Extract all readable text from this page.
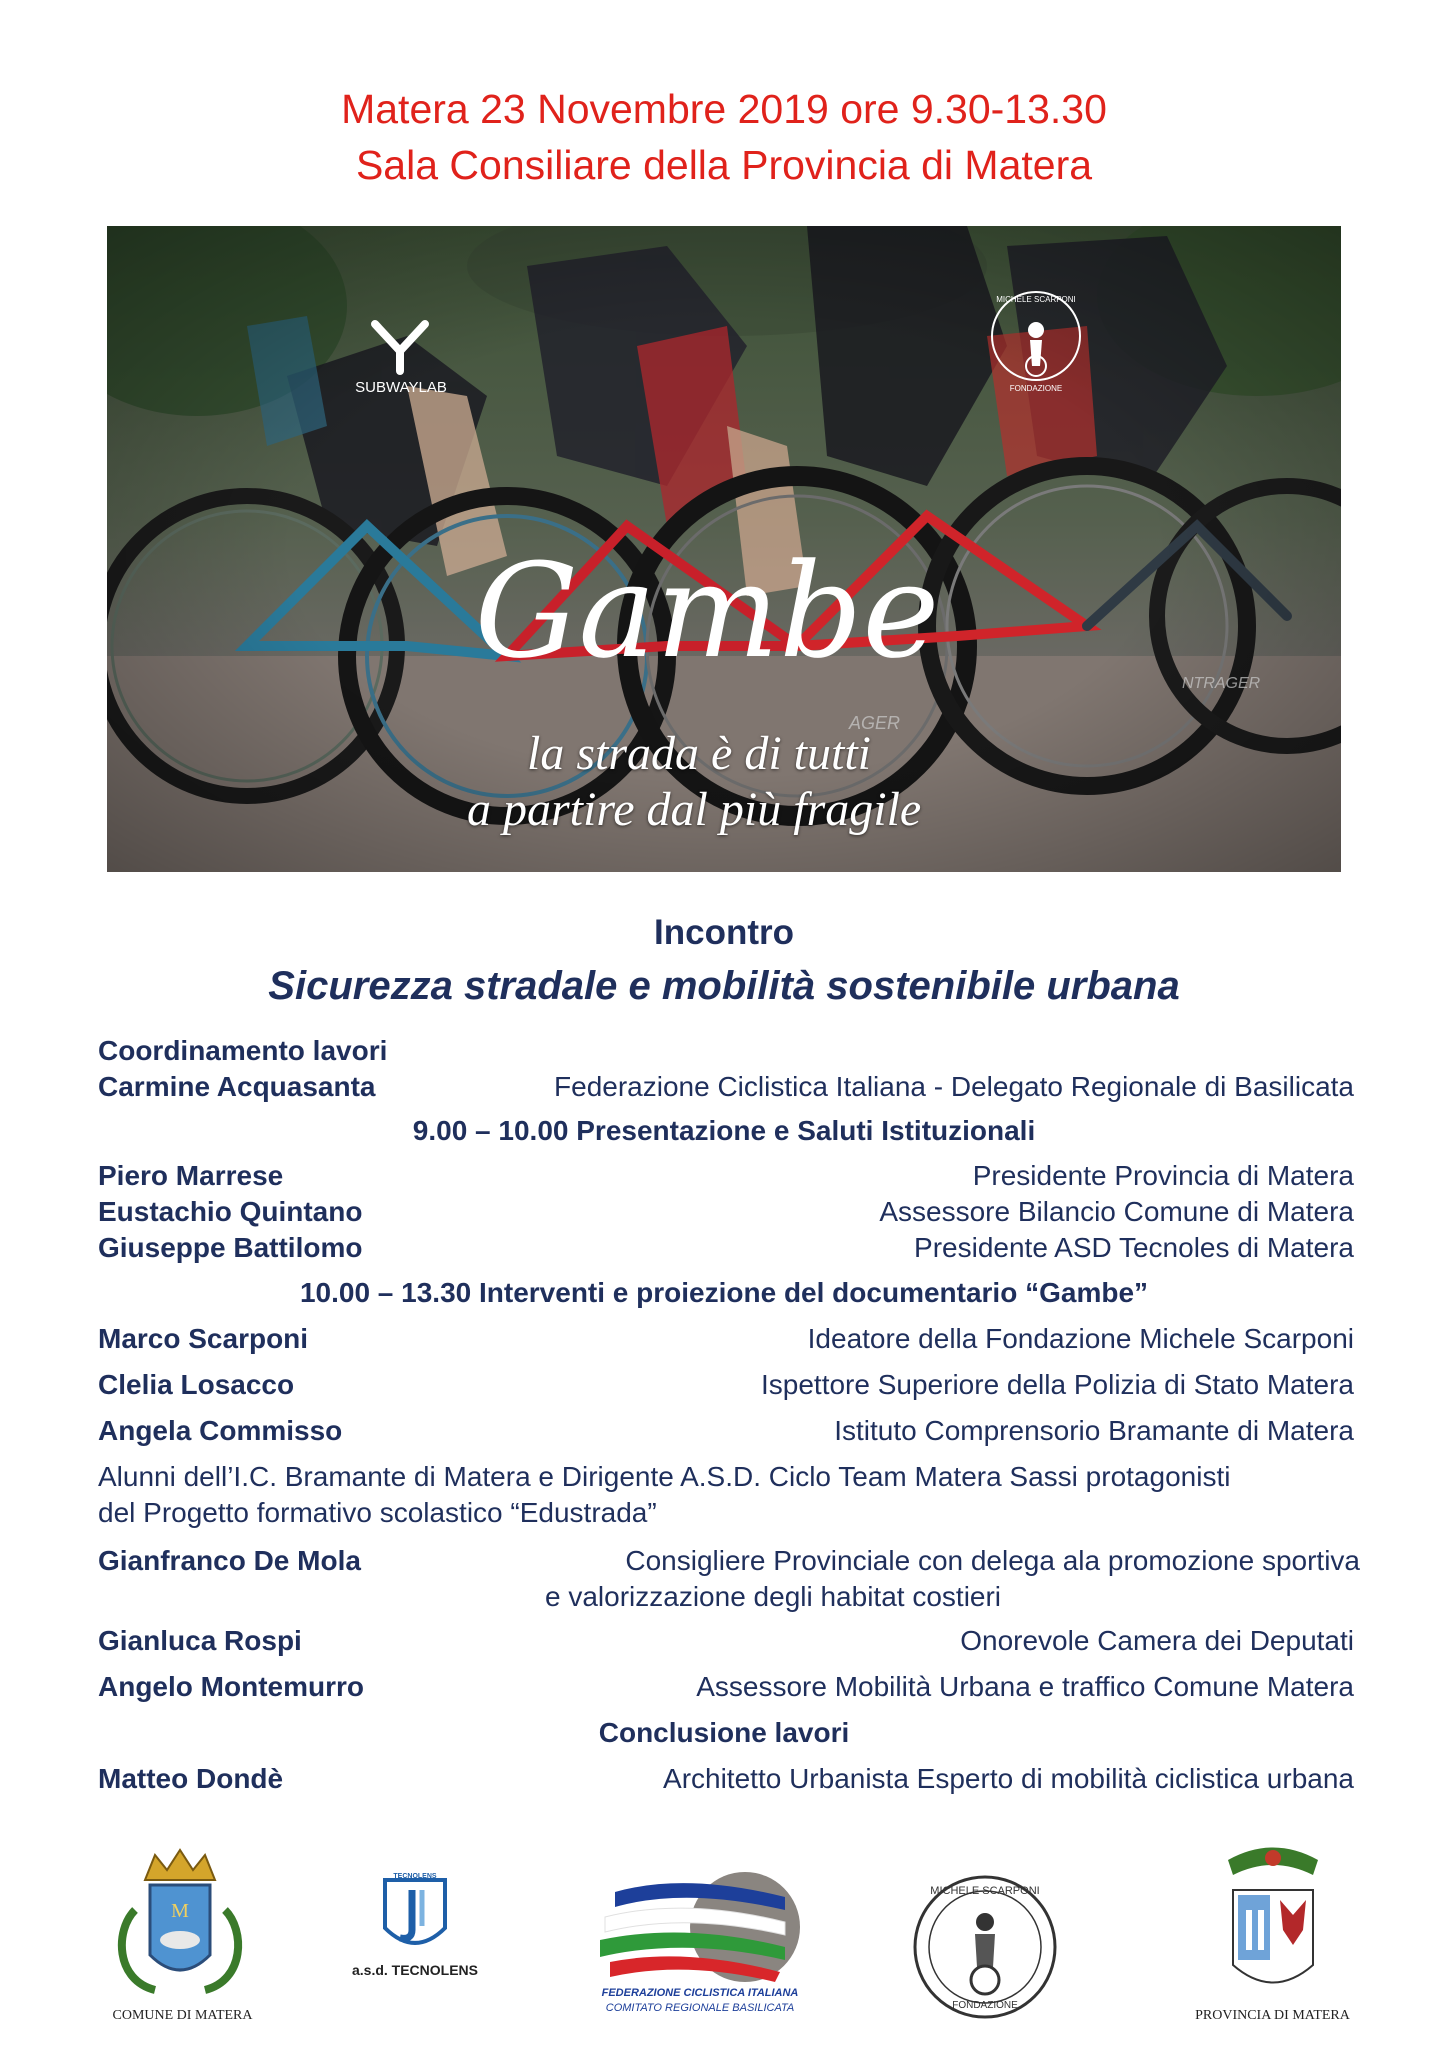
Matera 23 Novembre 2019 ore 9.30-13.30
Sala Consiliare della Provincia di Matera
SUBWAYLAB
MICHELE SCARPONI
FONDAZIONE
AGER
NTRAGER
Gambe
la strada è di tutti
a partire dal più fragile
Incontro
Sicurezza stradale e mobilità sostenibile urbana
Coordinamento lavori
Carmine Acquasanta	Federazione Ciclistica Italiana - Delegato Regionale di Basilicata
9.00 – 10.00 Presentazione e Saluti Istituzionali
Piero Marrese	Presidente Provincia di Matera
Eustachio Quintano	Assessore Bilancio Comune di Matera
Giuseppe Battilomo	Presidente ASD Tecnoles di Matera
10.00 – 13.30 Interventi e proiezione del documentario “Gambe”
Marco Scarponi	Ideatore della Fondazione Michele Scarponi
Clelia Losacco	Ispettore Superiore della Polizia di Stato Matera
Angela Commisso	Istituto Comprensorio Bramante di Matera
Alunni dell’I.C. Bramante di Matera e Dirigente A.S.D. Ciclo Team Matera Sassi protagonisti
del Progetto formativo scolastico “Edustrada”
Gianfranco De Mola	Consigliere Provinciale con delega ala promozione sportiva
e valorizzazione degli habitat costieri
Gianluca Rospi	Onorevole Camera dei Deputati
Angelo Montemurro	Assessore Mobilità Urbana e traffico Comune Matera
Conclusione lavori
Matteo Dondè	Architetto Urbanista Esperto di mobilità ciclistica urbana
M
COMUNE DI MATERA
TECNOLENS
a.s.d. TECNOLENS
FEDERAZIONE CICLISTICA ITALIANA
COMITATO REGIONALE BASILICATA
MICHELE SCARPONI
FONDAZIONE
PROVINCIA DI MATERA
